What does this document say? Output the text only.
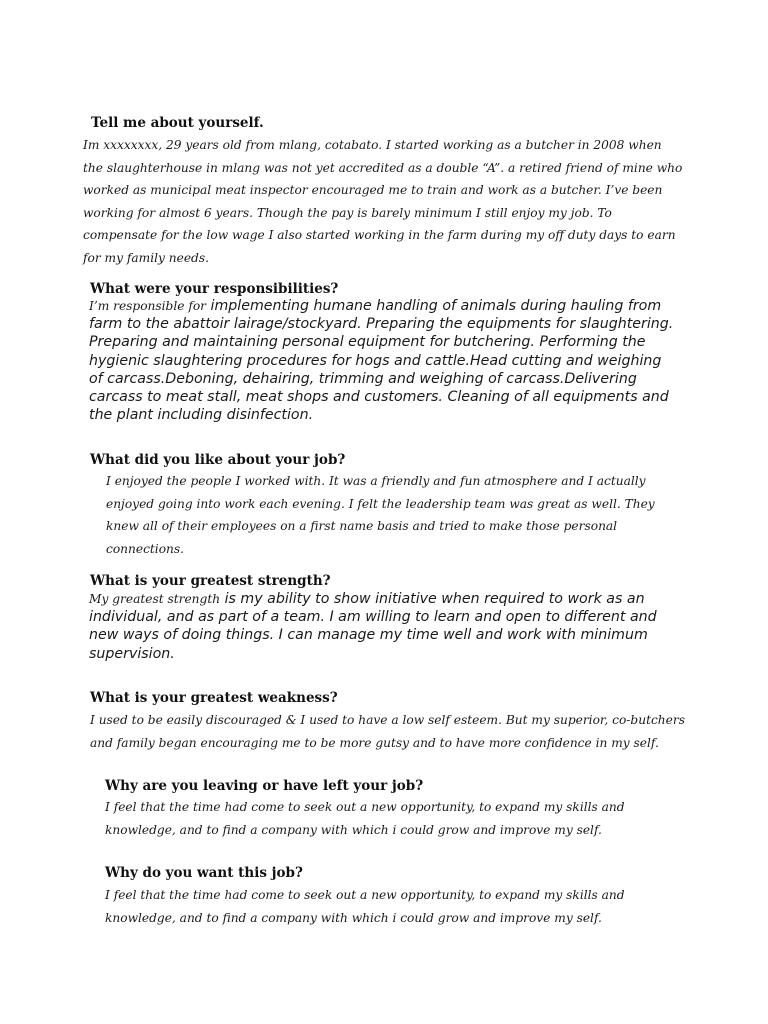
Tell me about yourself.

Im xxxxxxxx, 29 years old from mlang, cotabato. I started working as a butcher in 2008 when the slaughterhouse in mlang was not yet accredited as a double “A”. a retired friend of mine who worked as municipal meat inspector encouraged me to train and work as a butcher. I’ve been working for almost 6 years. Though the pay is barely minimum I still enjoy my job. To compensate for the low wage I also started working in the farm during my off duty days to earn for my family needs.

What were your responsibilities?

I’m responsible for implementing humane handling of animals during hauling from farm to the abattoir lairage/stockyard. Preparing the equipments for slaughtering. Preparing and maintaining personal equipment for butchering. Performing the hygienic slaughtering procedures for hogs and cattle.Head cutting and weighing of carcass.Deboning, dehairing, trimming and weighing of carcass.Delivering carcass to meat stall, meat shops and customers. Cleaning of all equipments and the plant including disinfection.

What did you like about your job?

I enjoyed the people I worked with. It was a friendly and fun atmosphere and I actually enjoyed going into work each evening. I felt the leadership team was great as well. They knew all of their employees on a first name basis and tried to make those personal connections.

What is your greatest strength?

My greatest strength is my ability to show initiative when required to work as an individual, and as part of a team. I am willing to learn and open to different and new ways of doing things. I can manage my time well and work with minimum supervision.

What is your greatest weakness?

I used to be easily discouraged & I used to have a low self esteem. But my superior, co-butchers and family began encouraging me to be more gutsy and to have more confidence in my self.

Why are you leaving or have left your job?

I feel that the time had come to seek out a new opportunity, to expand my skills and knowledge, and to find a company with which i could grow and improve my self.

Why do you want this job?

I feel that the time had come to seek out a new opportunity, to expand my skills and knowledge, and to find a company with which i could grow and improve my self.
